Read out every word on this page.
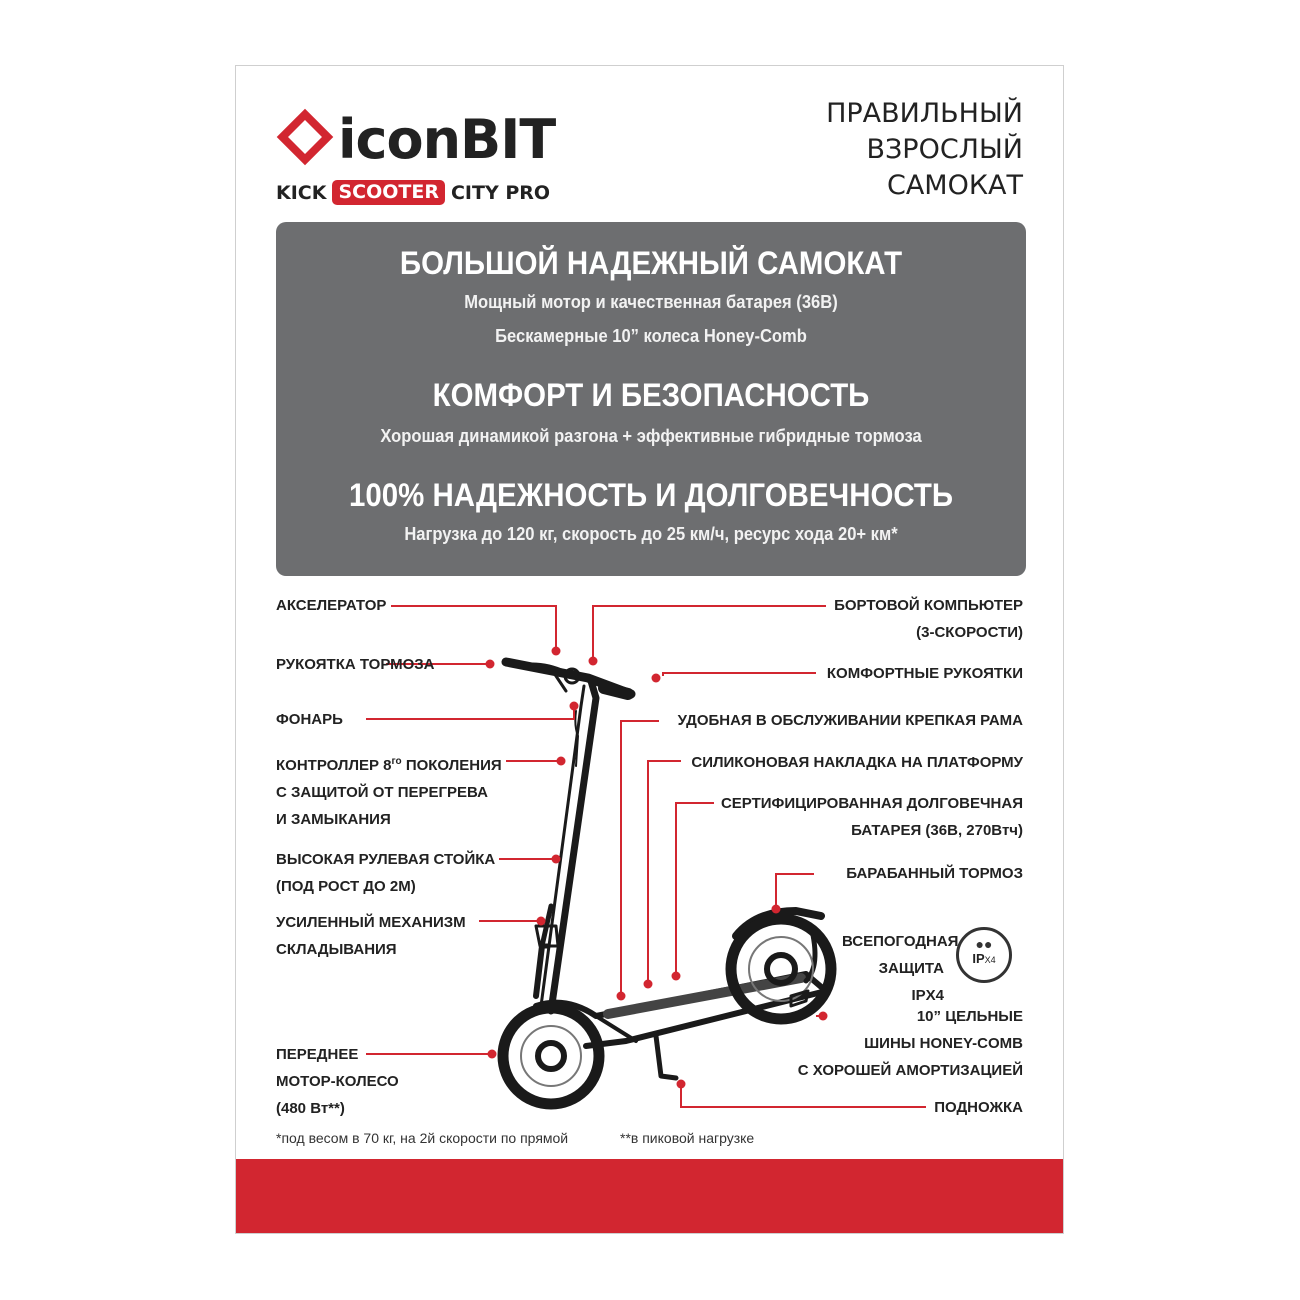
iconBIT
KICK SCOOTER CITY PRO
ПРАВИЛЬНЫЙ
ВЗРОСЛЫЙ
САМОКАТ
БОЛЬШОЙ НАДЕЖНЫЙ САМОКАТ
Мощный мотор и качественная батарея (36В)
Бескамерные 10” колеса Honey-Comb
КОМФОРТ И БЕЗОПАСНОСТЬ
Хорошая динамикой разгона + эффективные гибридные тормоза
100% НАДЕЖНОСТЬ И ДОЛГОВЕЧНОСТЬ
Нагрузка до 120 кг, скорость до 25 км/ч, ресурс хода 20+ км*
АКСЕЛЕРАТОР
РУКОЯТКА ТОРМОЗА
ФОНАРЬ
КОНТРОЛЛЕР $8^{го}$ ПОКОЛЕНИЯ
С ЗАЩИТОЙ ОТ ПЕРЕГРЕВА
И ЗАМЫКАНИЯ
ВЫСОКАЯ РУЛЕВАЯ СТОЙКА
(ПОД РОСТ ДО 2М)
УСИЛЕННЫЙ МЕХАНИЗМ
СКЛАДЫВАНИЯ
ПЕРЕДНЕЕ
МОТОР-КОЛЕСО
(480 Вт**)
БОРТОВОЙ КОМПЬЮТЕР
(3-СКОРОСТИ)
КОМФОРТНЫЕ РУКОЯТКИ
УДОБНАЯ В ОБСЛУЖИВАНИИ КРЕПКАЯ РАМА
СИЛИКОНОВАЯ НАКЛАДКА НА ПЛАТФОРМУ
СЕРТИФИЦИРОВАННАЯ ДОЛГОВЕЧНАЯ
БАТАРЕЯ (36В, 270Втч)
БАРАБАННЫЙ ТОРМОЗ
ВСЕПОГОДНАЯ
ЗАЩИТА IPX4
●●
IPX4
10” ЦЕЛЬНЫЕ
ШИНЫ HONEY-COMB
С ХОРОШЕЙ АМОРТИЗАЦИЕЙ
ПОДНОЖКА
*под весом в 70 кг, на 2й скорости по прямой	**в пиковой нагрузке
